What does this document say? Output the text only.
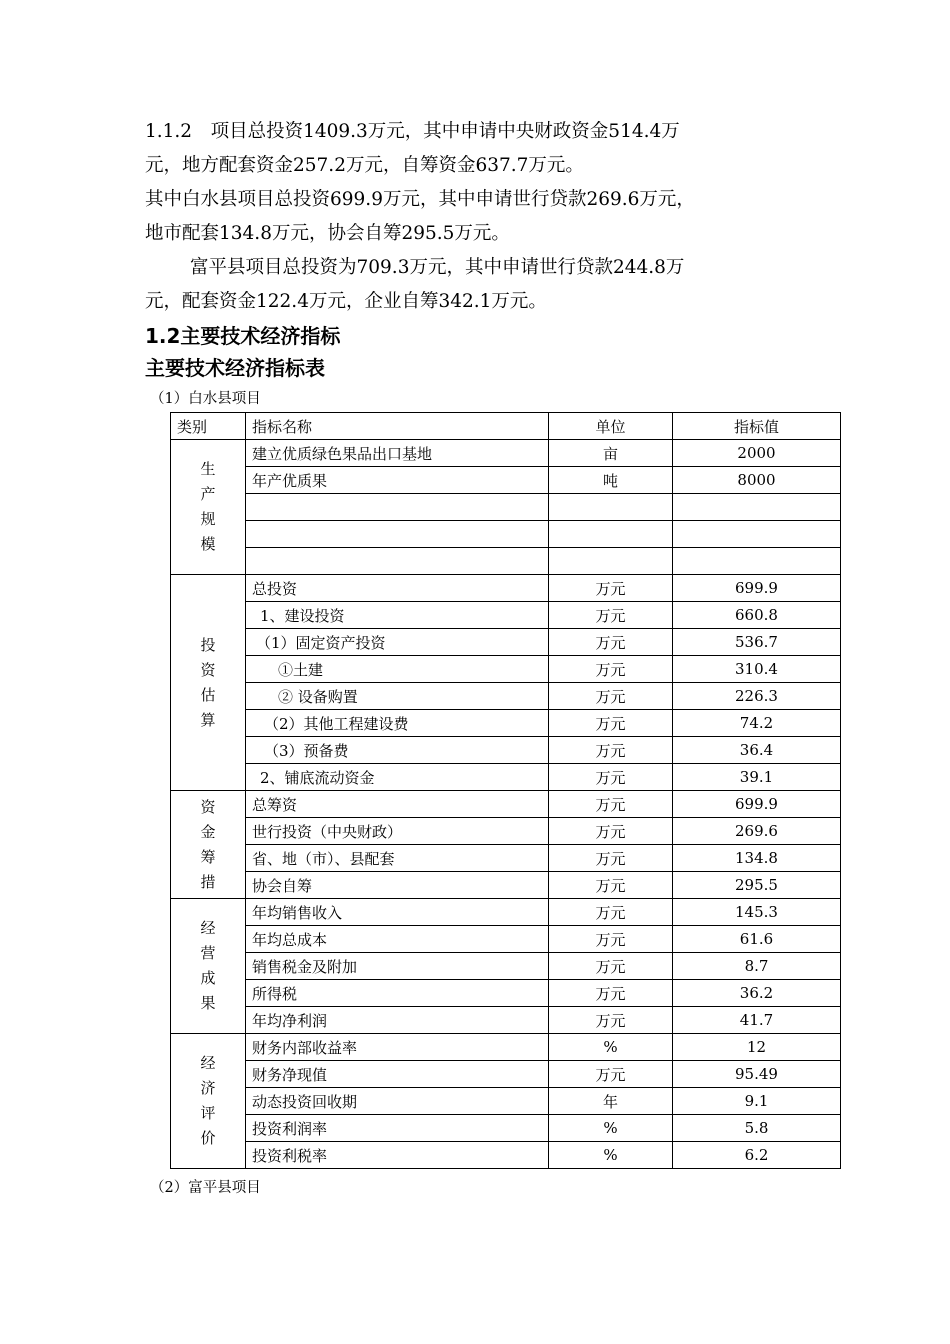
1.1.2　项目总投资1409.3万元，其中申请中央财政资金514.4万

元，地方配套资金257.2万元，自筹资金637.7万元。

其中白水县项目总投资699.9万元，其中申请世行贷款269.6万元，

地市配套134.8万元，协会自筹295.5万元。

富平县项目总投资为709.3万元，其中申请世行贷款244.8万

元，配套资金122.4万元，企业自筹342.1万元。

1.2主要技术经济指标
主要技术经济指标表

（1）白水县项目

类别	指标名称	单位	指标值

生
产
规
模	建立优质绿色果品出口基地	亩	2000
	年产优质果	吨	8000

投
资
估
算	总投资	万元	699.9
	1、建设投资	万元	660.8
	（1）固定资产投资	万元	536.7
	①土建	万元	310.4
	② 设备购置	万元	226.3
	（2）其他工程建设费	万元	74.2
	（3）预备费	万元	36.4
	2、铺底流动资金	万元	39.1

资
金
筹
措	总筹资	万元	699.9
	世行投资（中央财政）	万元	269.6
	省、地（市）、县配套	万元	134.8
	协会自筹	万元	295.5

经
营
成
果	年均销售收入	万元	145.3
	年均总成本	万元	61.6
	销售税金及附加	万元	8.7
	所得税	万元	36.2
	年均净利润	万元	41.7

经
济
评
价	财务内部收益率	%	12
	财务净现值	万元	95.49
	动态投资回收期	年	9.1
	投资利润率	%	5.8
	投资利税率	%	6.2

（2）富平县项目
